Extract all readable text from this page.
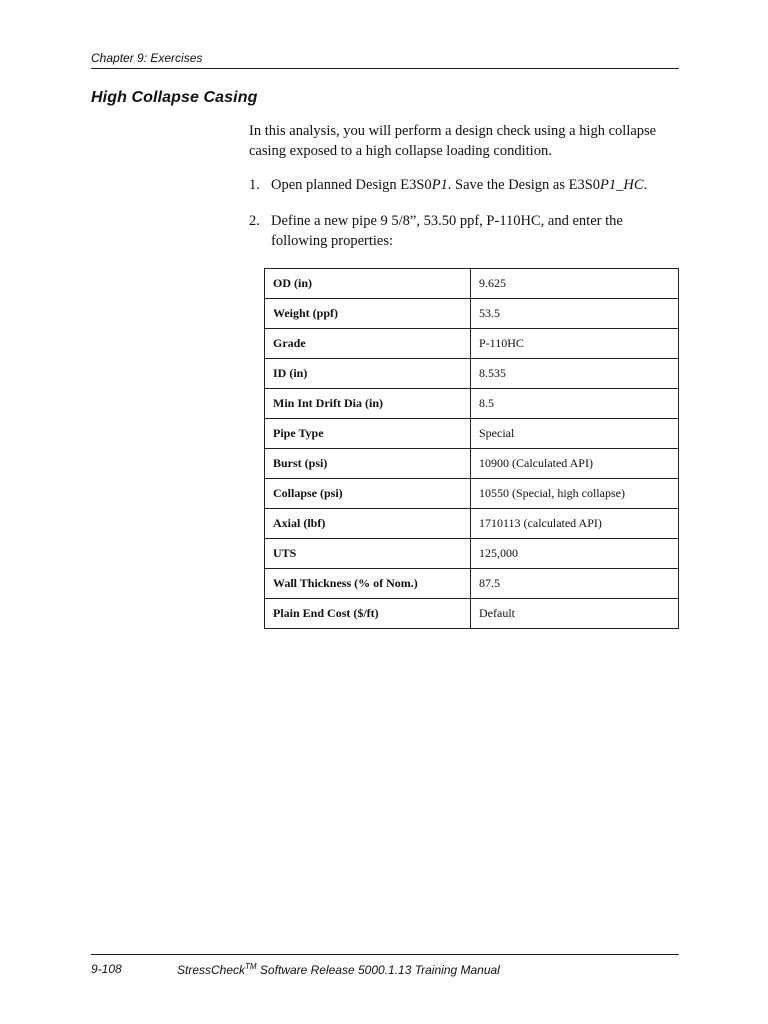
Chapter 9: Exercises
High Collapse Casing
In this analysis, you will perform a design check using a high collapse casing exposed to a high collapse loading condition.
1. Open planned Design E3S0P1. Save the Design as E3S0P1_HC.
2. Define a new pipe 9 5/8”, 53.50 ppf, P-110HC, and enter the following properties:
OD (in)	9.625
Weight (ppf)	53.5
Grade	P-110HC
ID (in)	8.535
Min Int Drift Dia (in)	8.5
Pipe Type	Special
Burst (psi)	10900 (Calculated API)
Collapse (psi)	10550 (Special, high collapse)
Axial (lbf)	1710113 (calculated API)
UTS	125,000
Wall Thickness (% of Nom.)	87.5
Plain End Cost ($/ft)	Default
9-108	StressCheck™ Software Release 5000.1.13 Training Manual
